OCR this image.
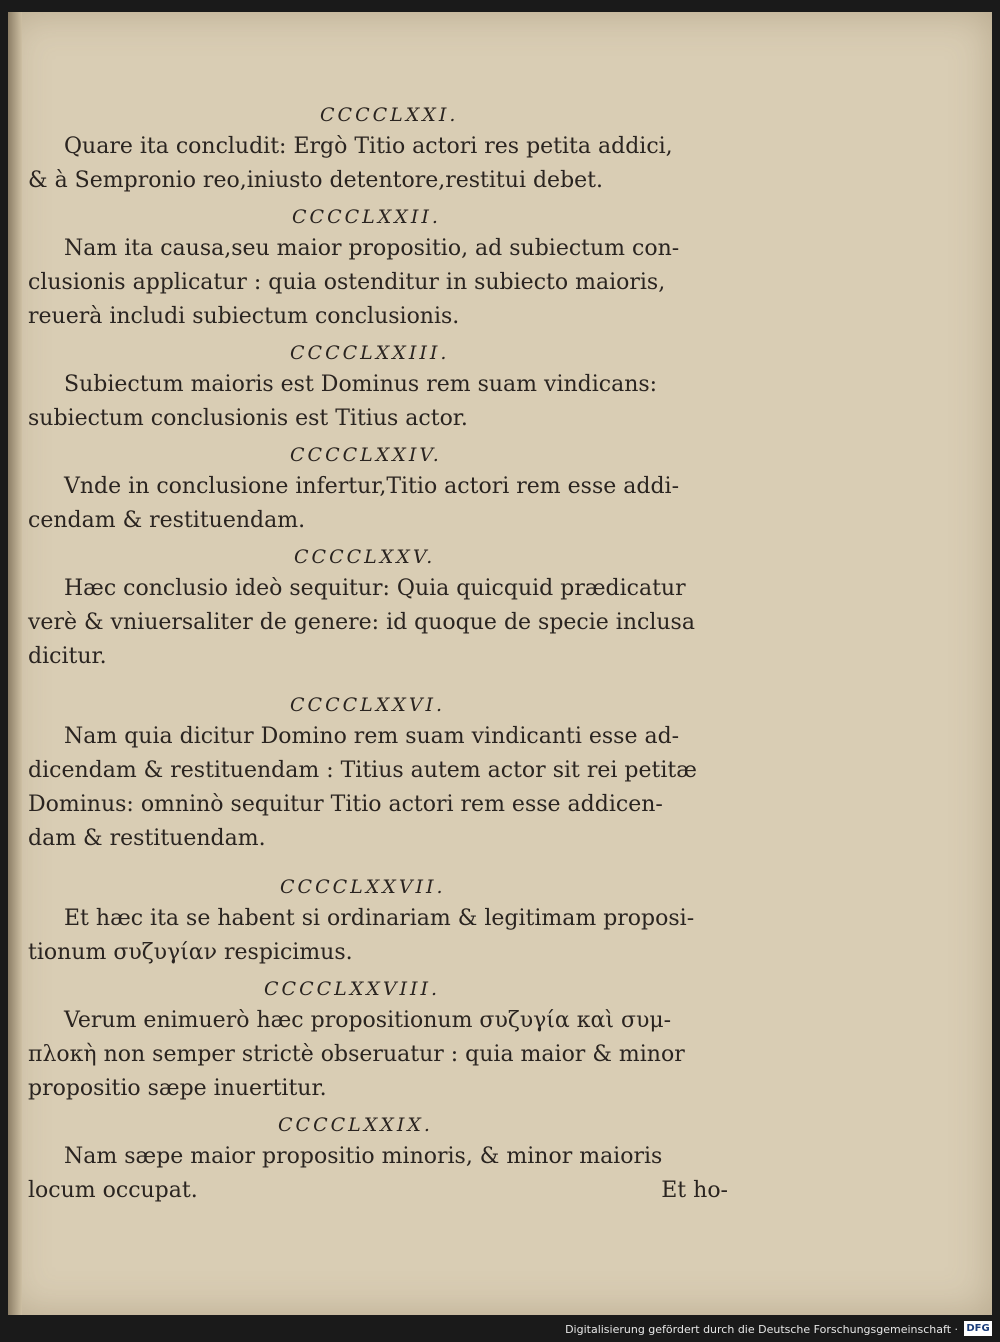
CCCCLXXI.
Quare ita concludit: Ergò Titio actori res petita addici,
& à Sempronio reo,iniusto detentore,restitui debet.
CCCCLXXII.
Nam ita causa,seu maior propositio, ad subiectum con-
clusionis applicatur : quia ostenditur in subiecto maioris,
reuerà includi subiectum conclusionis.
CCCCLXXIII.
Subiectum maioris est Dominus rem suam vindicans:
subiectum conclusionis est Titius actor.
CCCCLXXIV.
Vnde in conclusione infertur,Titio actori rem esse addi-
cendam & restituendam.
CCCCLXXV.
Hæc conclusio ideò sequitur: Quia quicquid prædicatur
verè & vniuersaliter de genere: id quoque de specie inclusa
dicitur.
CCCCLXXVI.
Nam quia dicitur Domino rem suam vindicanti esse ad-
dicendam & restituendam : Titius autem actor sit rei petitæ
Dominus: omninò sequitur Titio actori rem esse addicen-
dam & restituendam.
CCCCLXXVII.
Et hæc ita se habent si ordinariam & legitimam proposi-
tionum συζυγίαν respicimus.
CCCCLXXVIII.
Verum enimuerò hæc propositionum συζυγία καὶ συμ-
πλοκὴ non semper strictè obseruatur : quia maior & minor
propositio sæpe inuertitur.
CCCCLXXIX.
Nam sæpe maior propositio minoris, & minor maioris
locum occupat.	Et ho-
Digitalisierung gefördert durch die Deutsche Forschungsgemeinschaft · DFG
